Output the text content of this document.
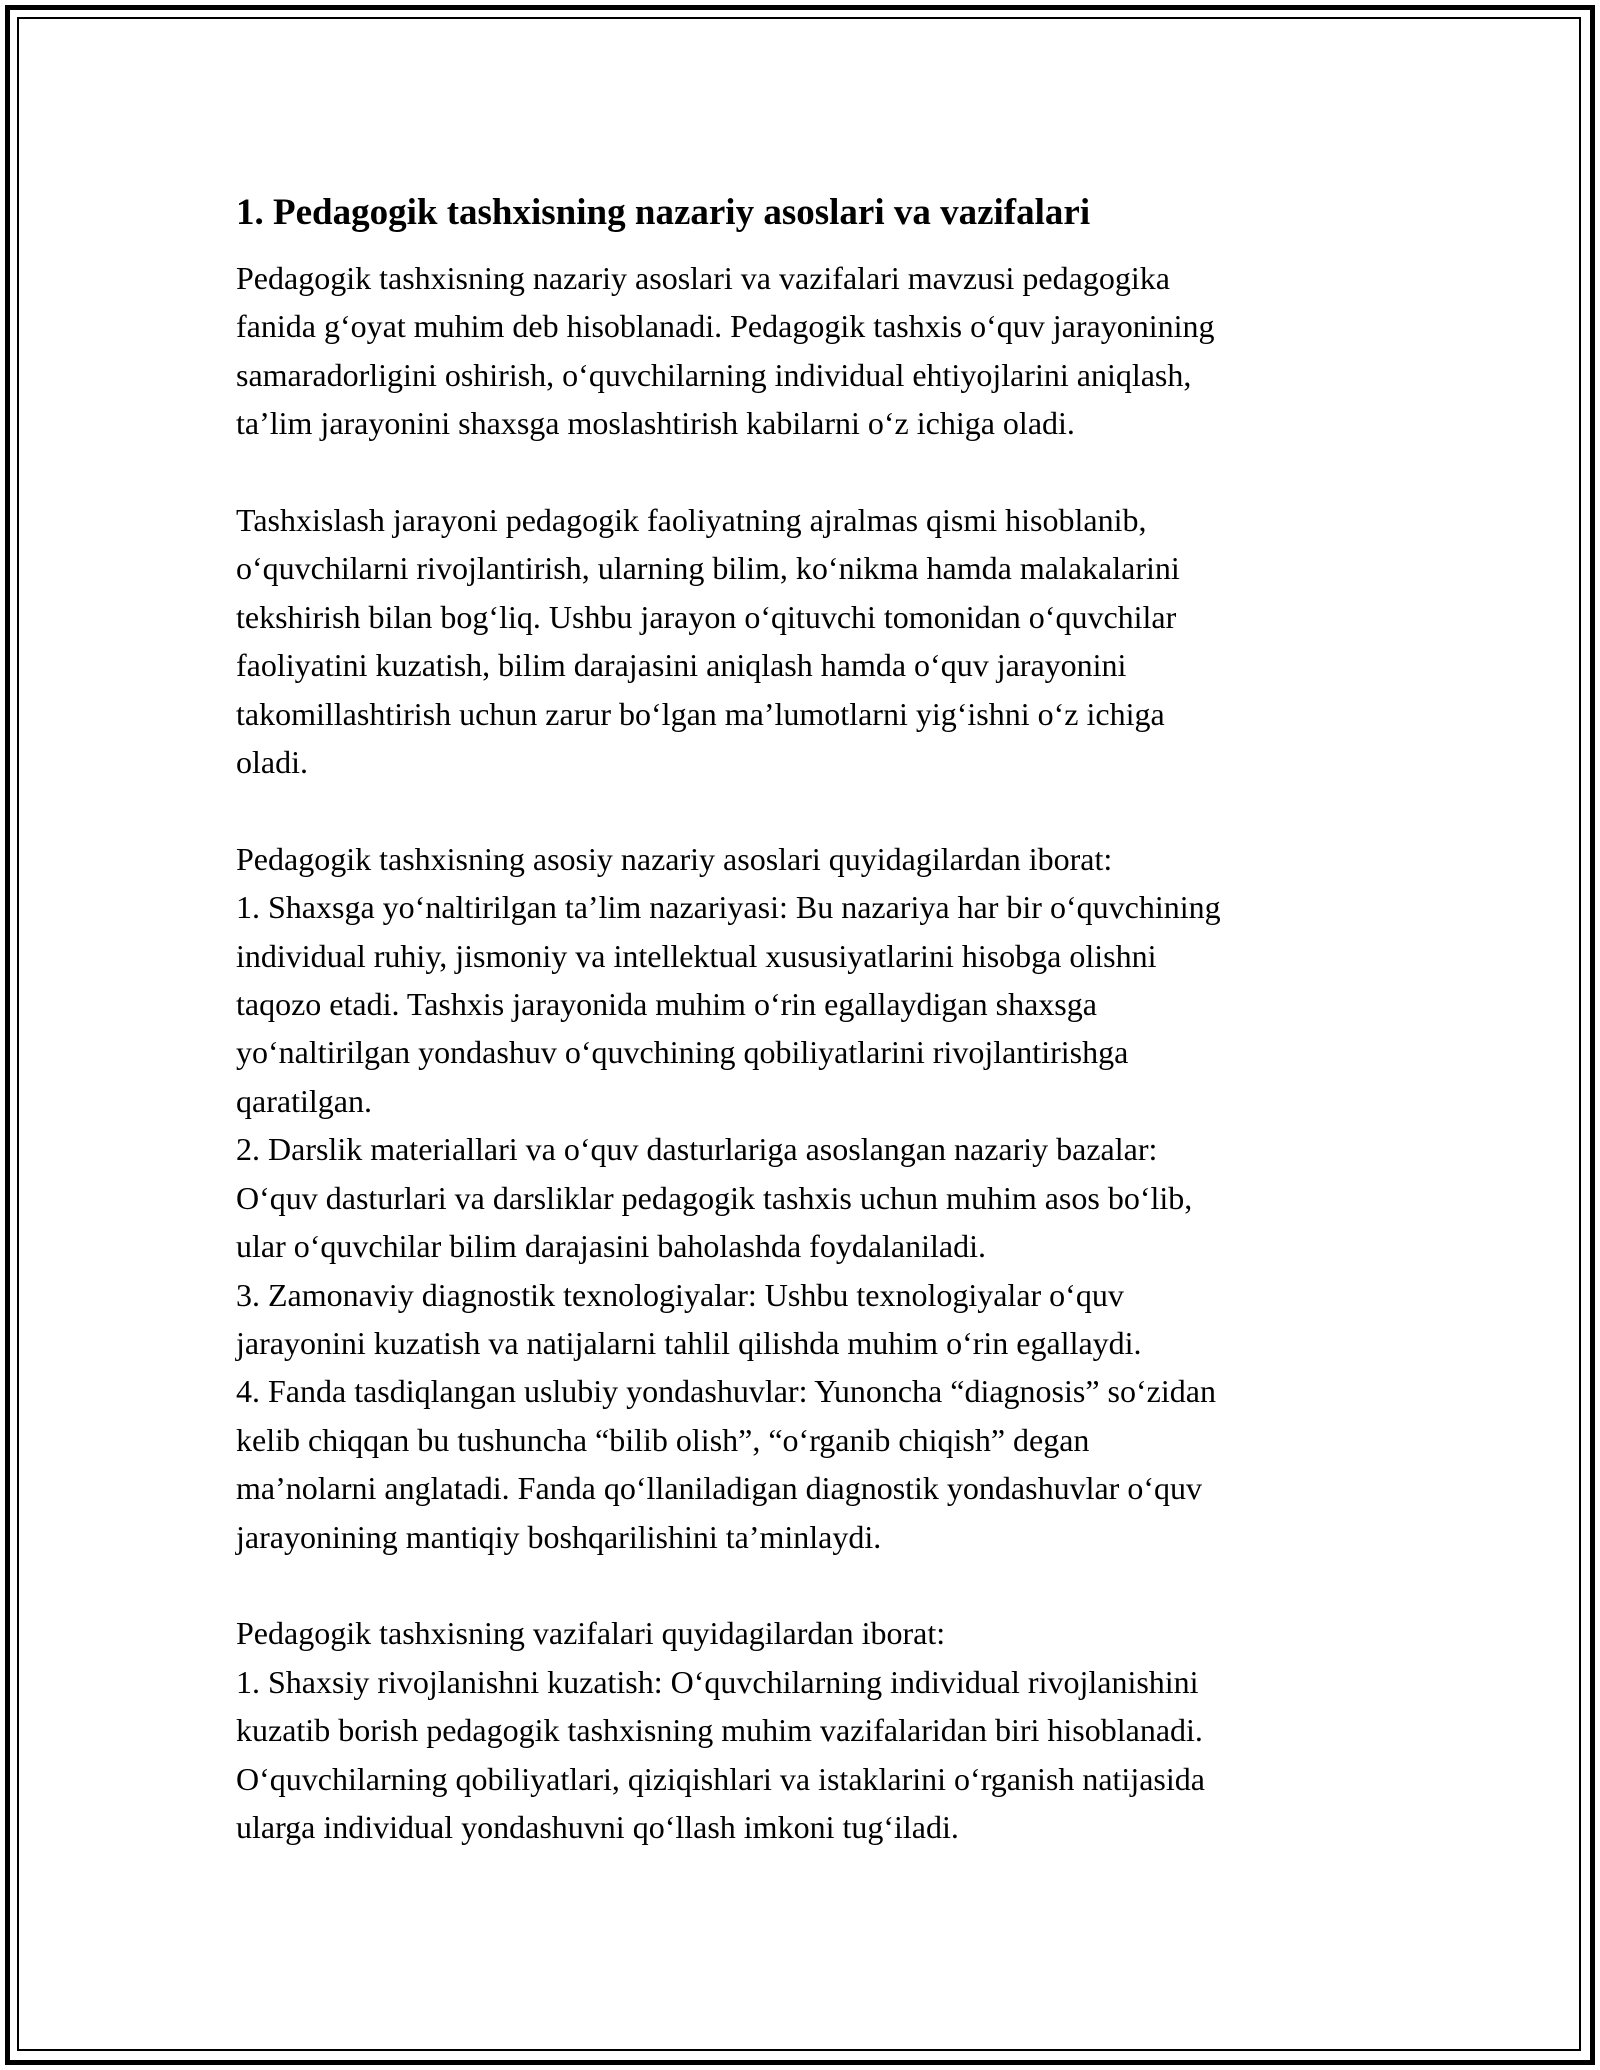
1. Pedagogik tashxisning nazariy asoslari va vazifalari

Pedagogik tashxisning nazariy asoslari va vazifalari mavzusi pedagogika
fanida g‘oyat muhim deb hisoblanadi. Pedagogik tashxis o‘quv jarayonining
samaradorligini oshirish, o‘quvchilarning individual ehtiyojlarini aniqlash,
ta’lim jarayonini shaxsga moslashtirish kabilarni o‘z ichiga oladi.

Tashxislash jarayoni pedagogik faoliyatning ajralmas qismi hisoblanib,
o‘quvchilarni rivojlantirish, ularning bilim, ko‘nikma hamda malakalarini
tekshirish bilan bog‘liq. Ushbu jarayon o‘qituvchi tomonidan o‘quvchilar
faoliyatini kuzatish, bilim darajasini aniqlash hamda o‘quv jarayonini
takomillashtirish uchun zarur bo‘lgan ma’lumotlarni yig‘ishni o‘z ichiga
oladi.

Pedagogik tashxisning asosiy nazariy asoslari quyidagilardan iborat:
1. Shaxsga yo‘naltirilgan ta’lim nazariyasi: Bu nazariya har bir o‘quvchining
individual ruhiy, jismoniy va intellektual xususiyatlarini hisobga olishni
taqozo etadi. Tashxis jarayonida muhim o‘rin egallaydigan shaxsga
yo‘naltirilgan yondashuv o‘quvchining qobiliyatlarini rivojlantirishga
qaratilgan.
2. Darslik materiallari va o‘quv dasturlariga asoslangan nazariy bazalar:
O‘quv dasturlari va darsliklar pedagogik tashxis uchun muhim asos bo‘lib,
ular o‘quvchilar bilim darajasini baholashda foydalaniladi.
3. Zamonaviy diagnostik texnologiyalar: Ushbu texnologiyalar o‘quv
jarayonini kuzatish va natijalarni tahlil qilishda muhim o‘rin egallaydi.
4. Fanda tasdiqlangan uslubiy yondashuvlar: Yunoncha “diagnosis” so‘zidan
kelib chiqqan bu tushuncha “bilib olish”, “o‘rganib chiqish” degan
ma’nolarni anglatadi. Fanda qo‘llaniladigan diagnostik yondashuvlar o‘quv
jarayonining mantiqiy boshqarilishini ta’minlaydi.

Pedagogik tashxisning vazifalari quyidagilardan iborat:
1. Shaxsiy rivojlanishni kuzatish: O‘quvchilarning individual rivojlanishini
kuzatib borish pedagogik tashxisning muhim vazifalaridan biri hisoblanadi.
O‘quvchilarning qobiliyatlari, qiziqishlari va istaklarini o‘rganish natijasida
ularga individual yondashuvni qo‘llash imkoni tug‘iladi.
